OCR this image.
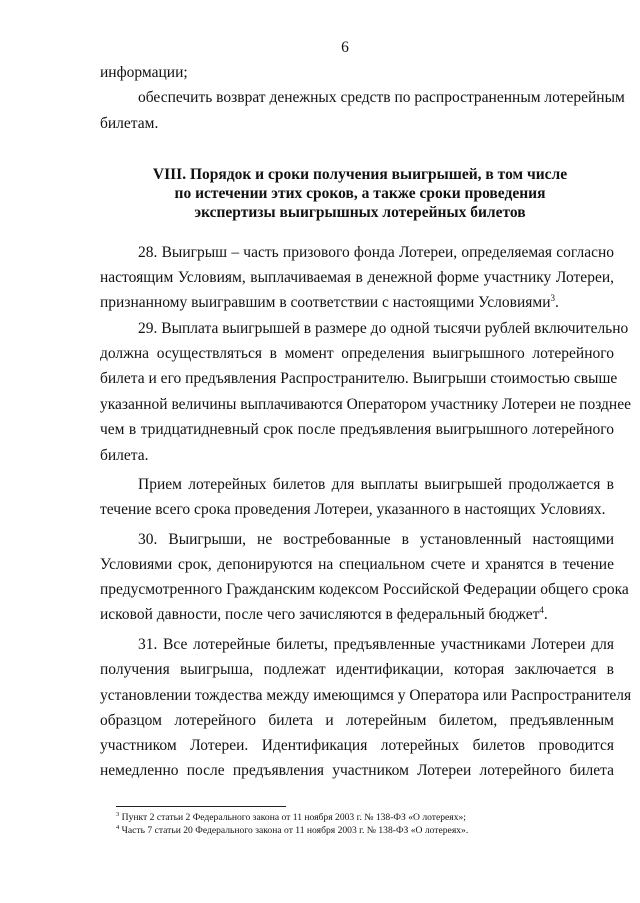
6
информации;
обеспечить возврат денежных средств по распространенным лотерейным
билетам.
VIII. Порядок и сроки получения выигрышей, в том числе
по истечении этих сроков, а также сроки проведения
экспертизы выигрышных лотерейных билетов
28. Выигрыш – часть призового фонда Лотереи, определяемая согласно
настоящим Условиям, выплачиваемая в денежной форме участнику Лотереи,
признанному выигравшим в соответствии с настоящими Условиями$^3$.
29. Выплата выигрышей в размере до одной тысячи рублей включительно
должна осуществляться в момент определения выигрышного лотерейного
билета и его предъявления Распространителю. Выигрыши стоимостью свыше
указанной величины выплачиваются Оператором участнику Лотереи не позднее
чем в тридцатидневный срок после предъявления выигрышного лотерейного
билета.
Прием лотерейных билетов для выплаты выигрышей продолжается в
течение всего срока проведения Лотереи, указанного в настоящих Условиях.
30. Выигрыши, не востребованные в установленный настоящими
Условиями срок, депонируются на специальном счете и хранятся в течение
предусмотренного Гражданским кодексом Российской Федерации общего срока
исковой давности, после чего зачисляются в федеральный бюджет$^4$.
31. Все лотерейные билеты, предъявленные участниками Лотереи для
получения выигрыша, подлежат идентификации, которая заключается в
установлении тождества между имеющимся у Оператора или Распространителя
образцом лотерейного билета и лотерейным билетом, предъявленным
участником Лотереи. Идентификация лотерейных билетов проводится
немедленно после предъявления участником Лотереи лотерейного билета
$^3$ Пункт 2 статьи 2 Федерального закона от 11 ноября 2003 г. № 138-ФЗ «О лотереях»;
$^4$ Часть 7 статьи 20 Федерального закона от 11 ноября 2003 г. № 138-ФЗ «О лотереях».
